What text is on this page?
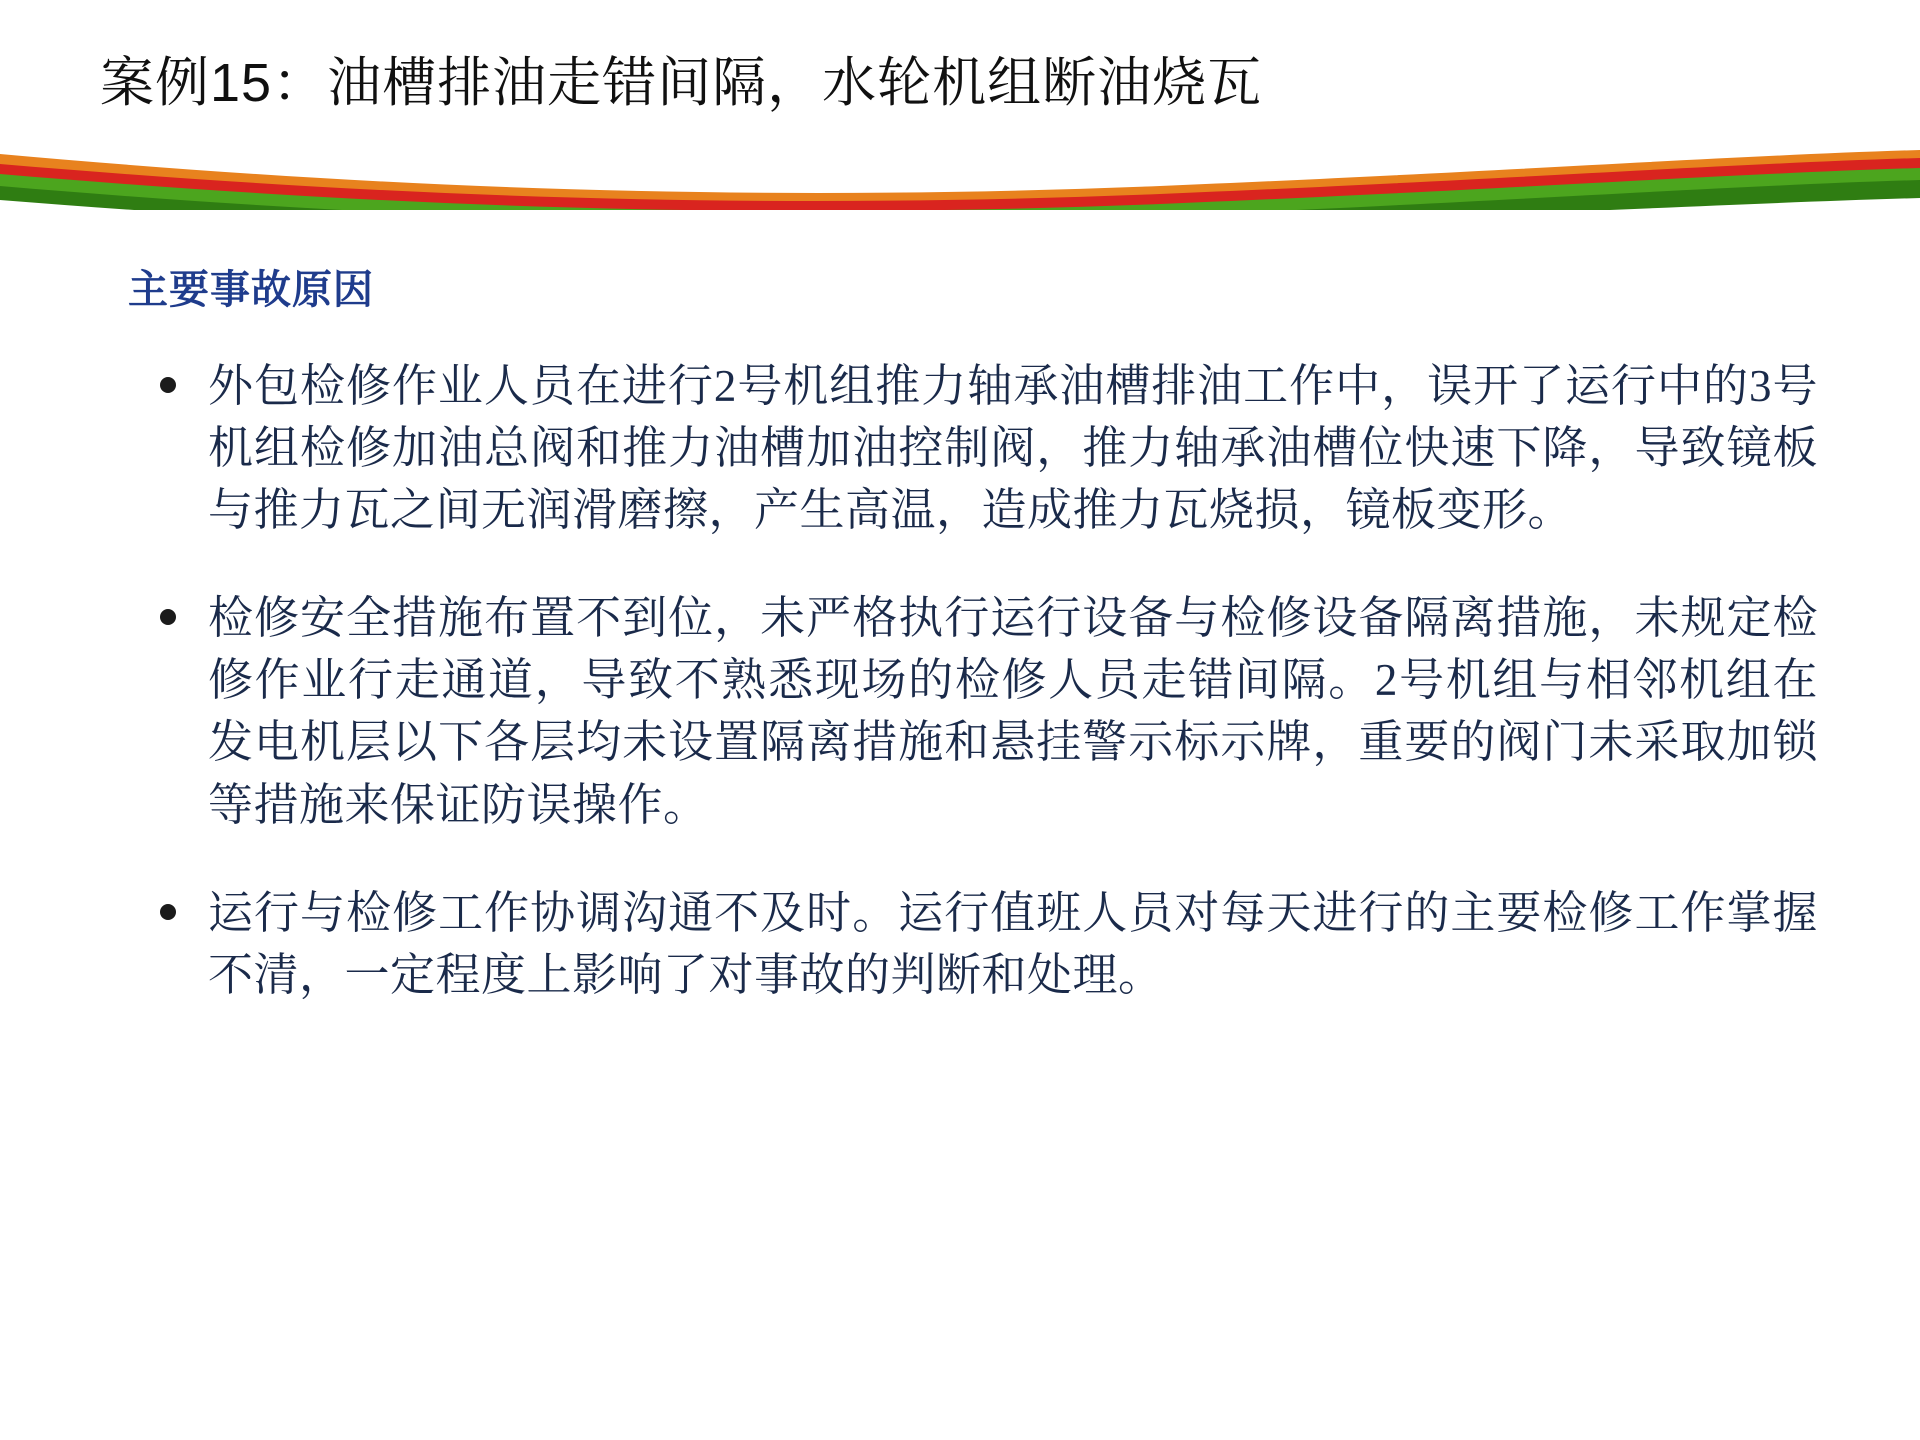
案例15：油槽排油走错间隔，水轮机组断油烧瓦
主要事故原因
外包检修作业人员在进行2号机组推力轴承油槽排油工作中，误开了运行中的3号机组检修加油总阀和推力油槽加油控制阀，推力轴承油槽位快速下降，导致镜板与推力瓦之间无润滑磨擦，产生高温，造成推力瓦烧损，镜板变形。
检修安全措施布置不到位，未严格执行运行设备与检修设备隔离措施，未规定检修作业行走通道，导致不熟悉现场的检修人员走错间隔。2号机组与相邻机组在发电机层以下各层均未设置隔离措施和悬挂警示标示牌，重要的阀门未采取加锁等措施来保证防误操作。
运行与检修工作协调沟通不及时。运行值班人员对每天进行的主要检修工作掌握不清，一定程度上影响了对事故的判断和处理。
